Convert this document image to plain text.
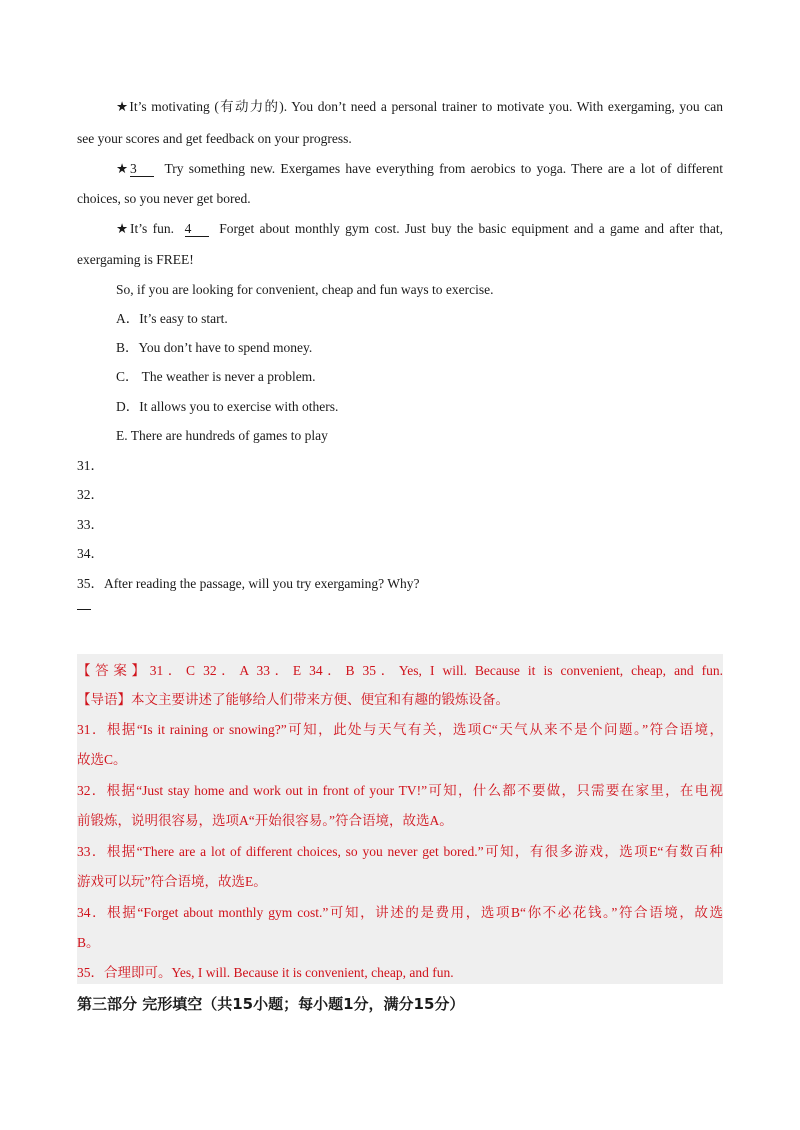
★It’s motivating (有动力的). You don’t need a personal trainer to motivate you. With exergaming, you can
see your scores and get feedback on your progress.
★3 Try something new. Exergames have everything from aerobics to yoga. There are a lot of different
choices, so you never get bored.
★It’s fun. 4 Forget about monthly gym cost. Just buy the basic equipment and a game and after that,
exergaming is FREE!
So, if you are looking for convenient, cheap and fun ways to exercise.
A．It’s easy to start.
B．You don’t have to spend money.
C． The weather is never a problem.
D．It allows you to exercise with others.
E. There are hundreds of games to play
31．
32．
33．
34．
35．After reading the passage, will you try exergaming? Why?
【答案】31．C 32．A 33．E 34．B 35．Yes, I will. Because it is convenient, cheap, and fun.
【导语】本文主要讲述了能够给人们带来方便、便宜和有趣的锻炼设备。
31．根据“Is it raining or snowing?”可知，此处与天气有关，选项C“天气从来不是个问题。”符合语境，
故选C。
32．根据“Just stay home and work out in front of your TV!”可知，什么都不要做，只需要在家里，在电视
前锻炼，说明很容易，选项A“开始很容易。”符合语境，故选A。
33．根据“There are a lot of different choices, so you never get bored.”可知，有很多游戏，选项E“有数百种
游戏可以玩”符合语境，故选E。
34．根据“Forget about monthly gym cost.”可知，讲述的是费用，选项B“你不必花钱。”符合语境，故选
B。
35．合理即可。Yes, I will. Because it is convenient, cheap, and fun.
第三部分 完形填空（共15小题；每小题1分，满分15分）
